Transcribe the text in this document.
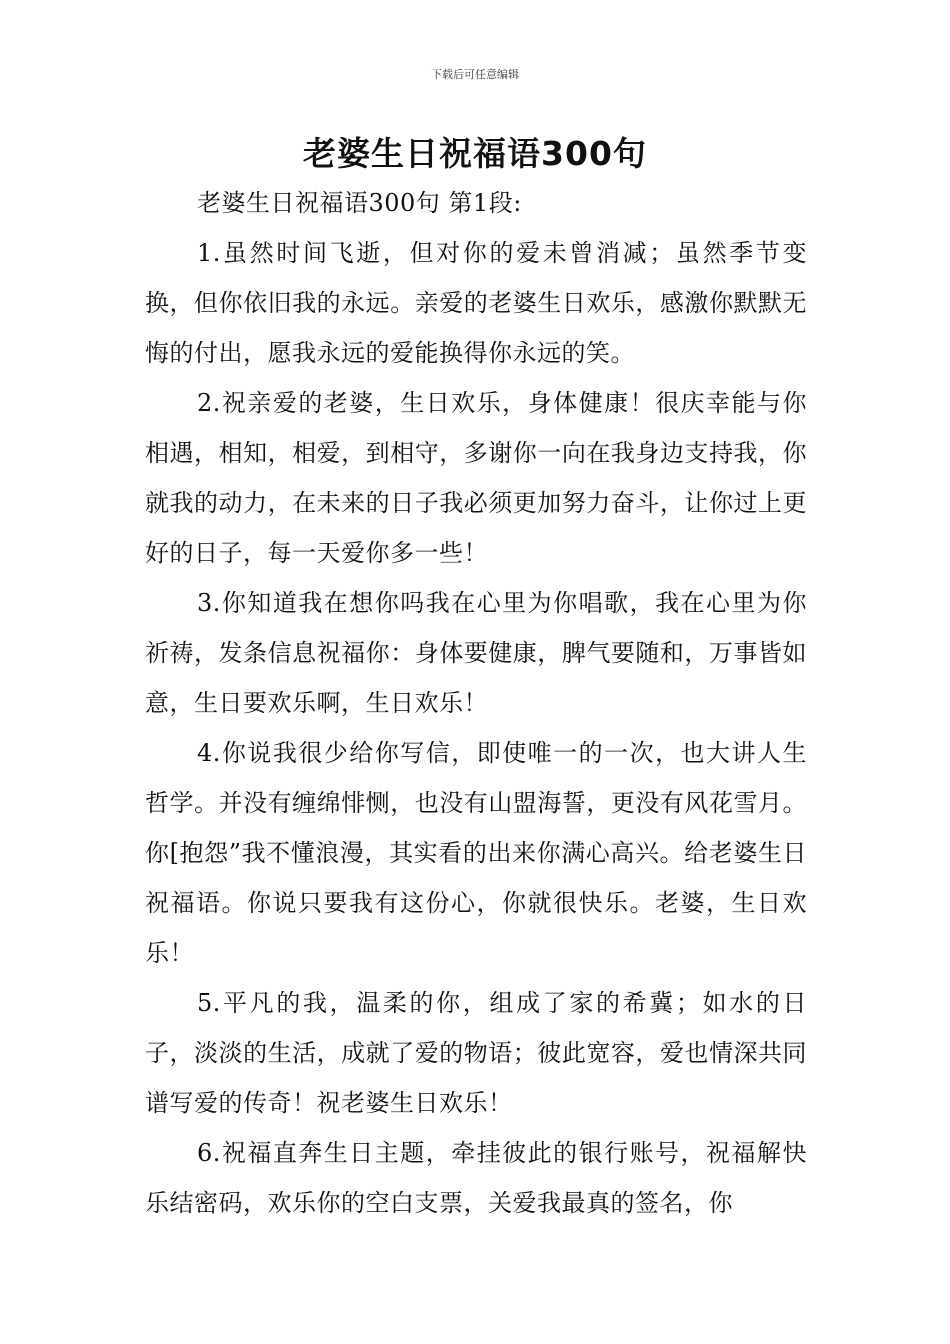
下载后可任意编辑
老婆生日祝福语300句

老婆生日祝福语300句 第1段:

1.虽然时间飞逝，但对你的爱未曾消减；虽然季节变换，但你依旧我的永远。亲爱的老婆生日欢乐，感激你默默无悔的付出，愿我永远的爱能换得你永远的笑。

2.祝亲爱的老婆，生日欢乐，身体健康！很庆幸能与你相遇，相知，相爱，到相守，多谢你一向在我身边支持我，你就我的动力，在未来的日子我必须更加努力奋斗，让你过上更好的日子，每一天爱你多一些！

3.你知道我在想你吗我在心里为你唱歌，我在心里为你祈祷，发条信息祝福你：身体要健康，脾气要随和，万事皆如意，生日要欢乐啊，生日欢乐！

4.你说我很少给你写信，即使唯一的一次，也大讲人生哲学。并没有缠绵悱恻，也没有山盟海誓，更没有风花雪月。你[抱怨”我不懂浪漫，其实看的出来你满心高兴。给老婆生日祝福语。你说只要我有这份心，你就很快乐。老婆，生日欢乐！

5.平凡的我，温柔的你，组成了家的希冀；如水的日子，淡淡的生活，成就了爱的物语；彼此宽容，爱也情深共同谱写爱的传奇！祝老婆生日欢乐！

6.祝福直奔生日主题，牵挂彼此的银行账号，祝福解快乐结密码，欢乐你的空白支票，关爱我最真的签名，你
